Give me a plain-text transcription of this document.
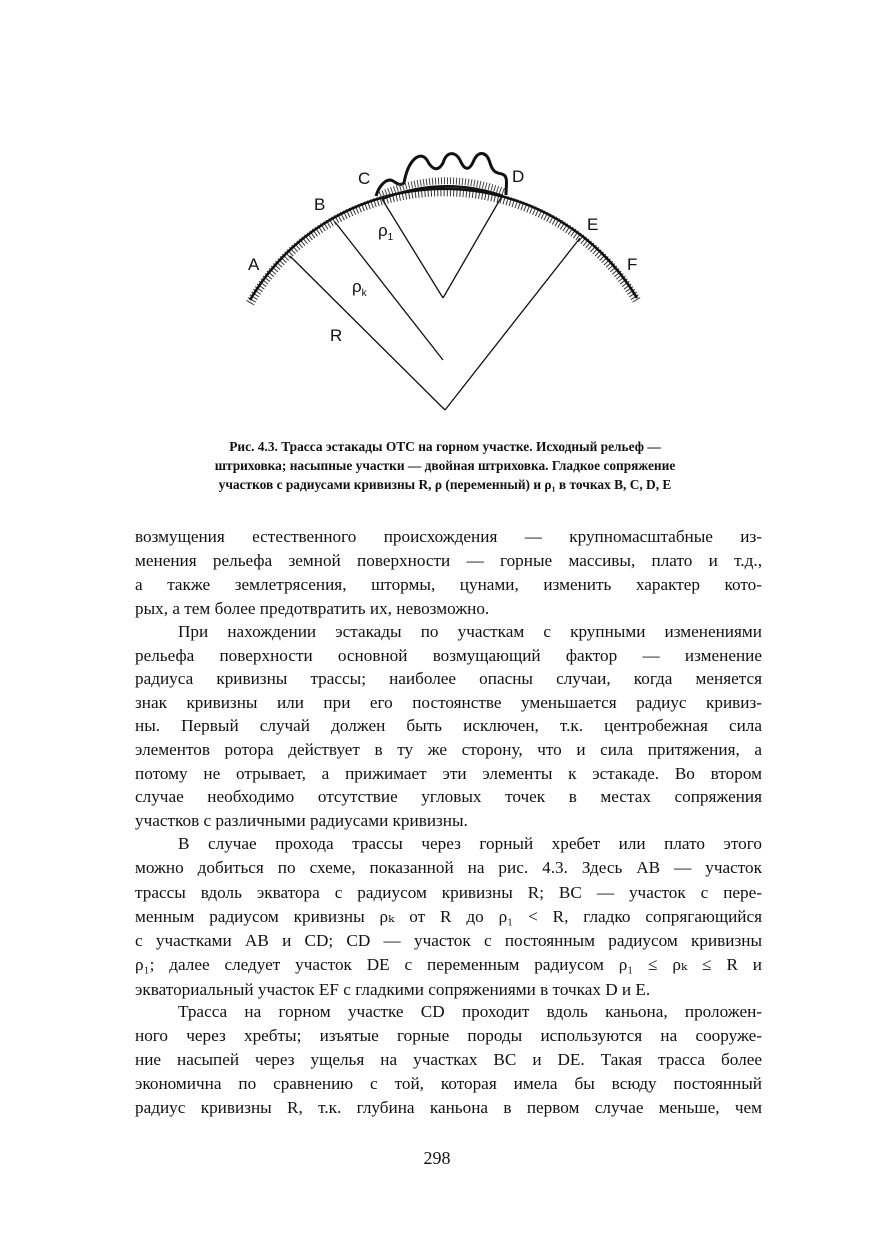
A
B
C	D
E
F
R
$\rho_k$
$\rho_1$
Рис. 4.3. Трасса эстакады ОТС на горном участке. Исходный рельеф —
штриховка; насыпные участки — двойная штриховка. Гладкое сопряжение
участков с радиусами кривизны R, ρ (переменный) и ρ₁ в точках B, C, D, E
возмущения естественного происхождения — крупномасштабные из-
менения рельефа земной поверхности — горные массивы, плато и т.д.,
а также землетрясения, штормы, цунами, изменить характер кото-
рых, а тем более предотвратить их, невозможно.
При нахождении эстакады по участкам с крупными изменениями
рельефа поверхности основной возмущающий фактор — изменение
радиуса кривизны трассы; наиболее опасны случаи, когда меняется
знак кривизны или при его постоянстве уменьшается радиус кривиз-
ны. Первый случай должен быть исключен, т.к. центробежная сила
элементов ротора действует в ту же сторону, что и сила притяжения, а
потому не отрывает, а прижимает эти элементы к эстакаде. Во втором
случае необходимо отсутствие угловых точек в местах сопряжения
участков с различными радиусами кривизны.
В случае прохода трассы через горный хребет или плато этого
можно добиться по схеме, показанной на рис. 4.3. Здесь AB — участок
трассы вдоль экватора с радиусом кривизны R; BC — участок с пере-
менным радиусом кривизны ρₖ от R до ρ₁ < R, гладко сопрягающийся
с участками AB и CD; CD — участок с постоянным радиусом кривизны
ρ₁; далее следует участок DE с переменным радиусом ρ₁ ≤ ρₖ ≤ R и
экваториальный участок EF с гладкими сопряжениями в точках D и E.
Трасса на горном участке CD проходит вдоль каньона, проложен-
ного через хребты; изъятые горные породы используются на сооруже-
ние насыпей через ущелья на участках BC и DE. Такая трасса более
экономична по сравнению с той, которая имела бы всюду постоянный
радиус кривизны R, т.к. глубина каньона в первом случае меньше, чем
298
